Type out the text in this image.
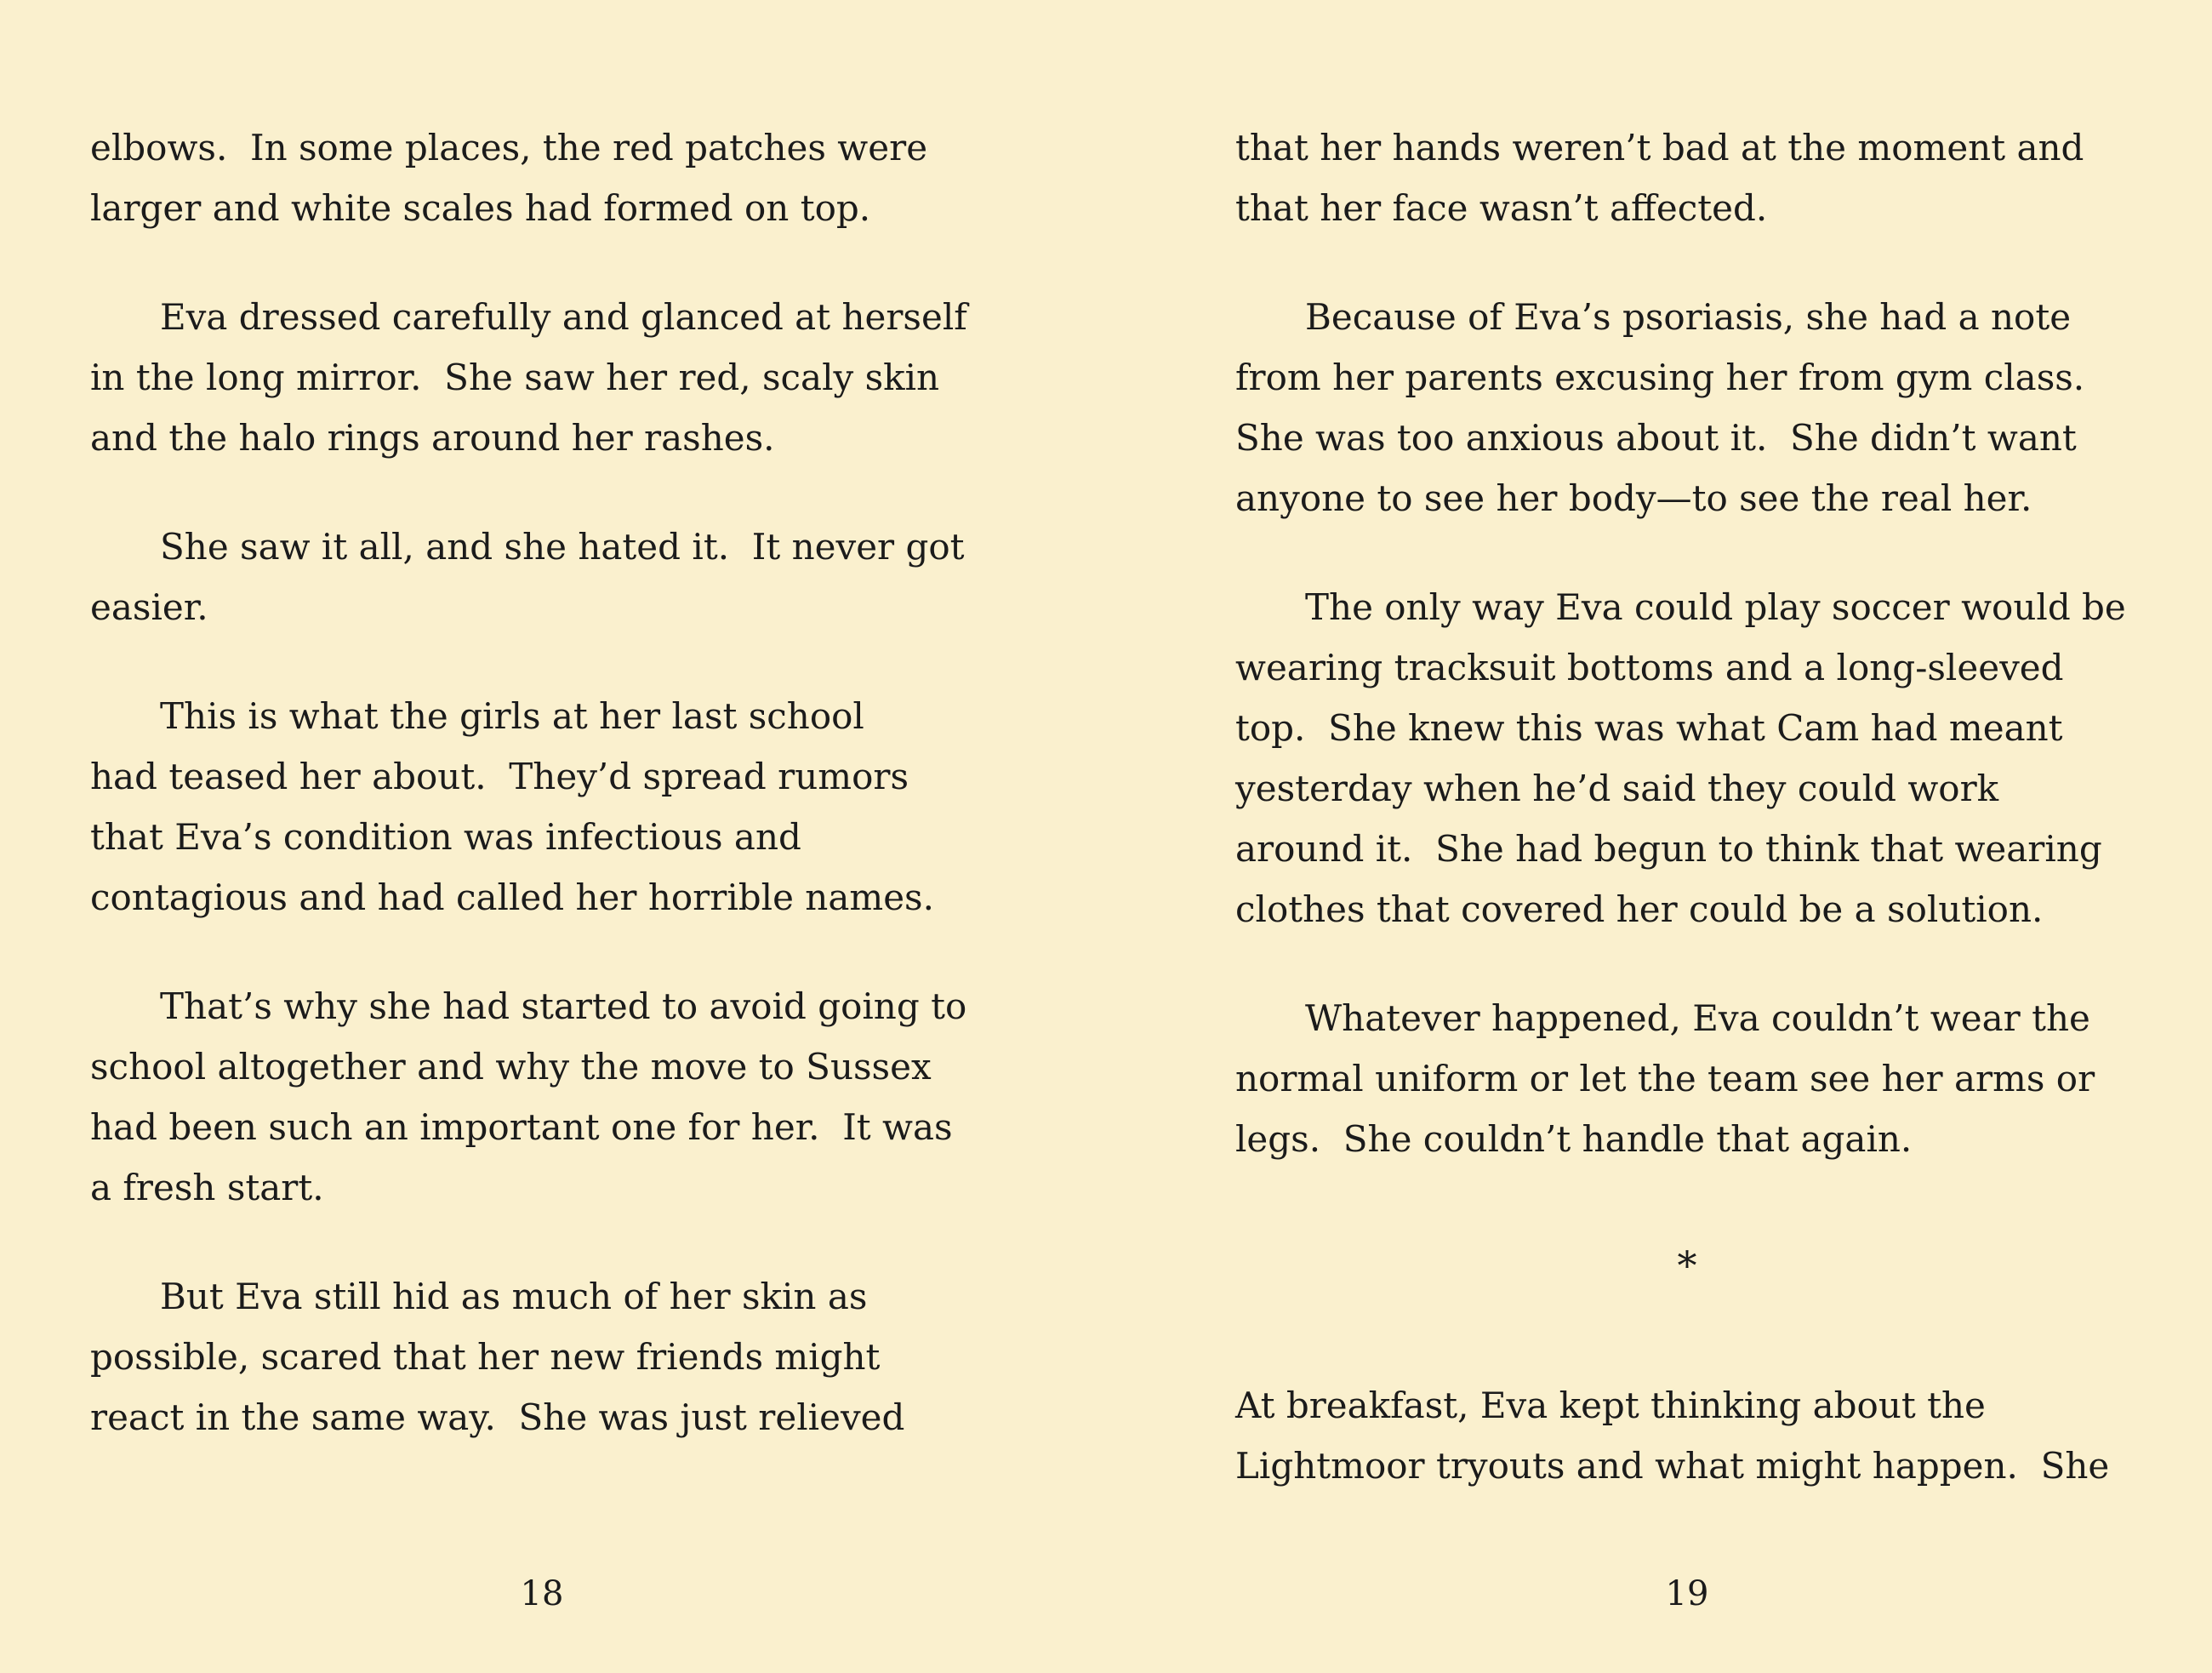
elbows.  In some places, the red patches were
larger and white scales had formed on top.

Eva dressed carefully and glanced at herself
in the long mirror.  She saw her red, scaly skin
and the halo rings around her rashes.

She saw it all, and she hated it.  It never got
easier.

This is what the girls at her last school
had teased her about.  They’d spread rumors
that Eva’s condition was infectious and
contagious and had called her horrible names.

That’s why she had started to avoid going to
school altogether and why the move to Sussex
had been such an important one for her.  It was
a fresh start.

But Eva still hid as much of her skin as
possible, scared that her new friends might
react in the same way.  She was just relieved

18

that her hands weren’t bad at the moment and
that her face wasn’t affected.

Because of Eva’s psoriasis, she had a note
from her parents excusing her from gym class.
She was too anxious about it.  She didn’t want
anyone to see her body—to see the real her.

The only way Eva could play soccer would be
wearing tracksuit bottoms and a long-sleeved
top.  She knew this was what Cam had meant
yesterday when he’d said they could work
around it.  She had begun to think that wearing
clothes that covered her could be a solution.

Whatever happened, Eva couldn’t wear the
normal uniform or let the team see her arms or
legs.  She couldn’t handle that again.

*

At breakfast, Eva kept thinking about the
Lightmoor tryouts and what might happen.  She

19
